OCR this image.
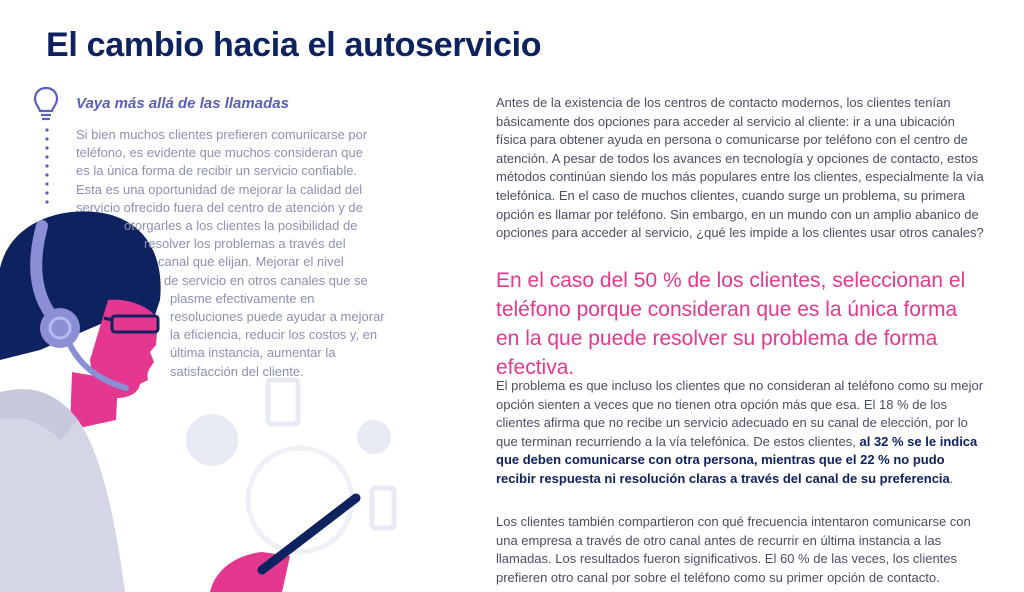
El cambio hacia el autoservicio
Vaya más allá de las llamadas
Si bien muchos clientes prefieren comunicarse por
teléfono, es evidente que muchos consideran que
es la única forma de recibir un servicio confiable.
Esta es una oportunidad de mejorar la calidad del
servicio ofrecido fuera del centro de atención y de
otorgarles a los clientes la posibilidad de
resolver los problemas a través del
canal que elijan. Mejorar el nivel
de servicio en otros canales que se
plasme efectivamente en
resoluciones puede ayudar a mejorar
la eficiencia, reducir los costos y, en
última instancia, aumentar la
satisfacción del cliente.

Antes de la existencia de los centros de contacto modernos, los clientes tenían básicamente dos opciones para acceder al servicio al cliente: ir a una ubicación física para obtener ayuda en persona o comunicarse por teléfono con el centro de atención. A pesar de todos los avances en tecnología y opciones de contacto, estos métodos continúan siendo los más populares entre los clientes, especialmente la vía telefónica. En el caso de muchos clientes, cuando surge un problema, su primera opción es llamar por teléfono. Sin embargo, en un mundo con un amplio abanico de opciones para acceder al servicio, ¿qué les impide a los clientes usar otros canales?

En el caso del 50 % de los clientes, seleccionan el teléfono porque consideran que es la única forma en la que puede resolver su problema de forma efectiva.

El problema es que incluso los clientes que no consideran al teléfono como su mejor opción sienten a veces que no tienen otra opción más que esa. El 18 % de los clientes afirma que no recibe un servicio adecuado en su canal de elección, por lo que terminan recurriendo a la vía telefónica. De estos clientes, al 32 % se le indica que deben comunicarse con otra persona, mientras que el 22 % no pudo recibir respuesta ni resolución claras a través del canal de su preferencia.

Los clientes también compartieron con qué frecuencia intentaron comunicarse con una empresa a través de otro canal antes de recurrir en última instancia a las llamadas. Los resultados fueron significativos. El 60 % de las veces, los clientes prefieren otro canal por sobre el teléfono como su primer opción de contacto.
